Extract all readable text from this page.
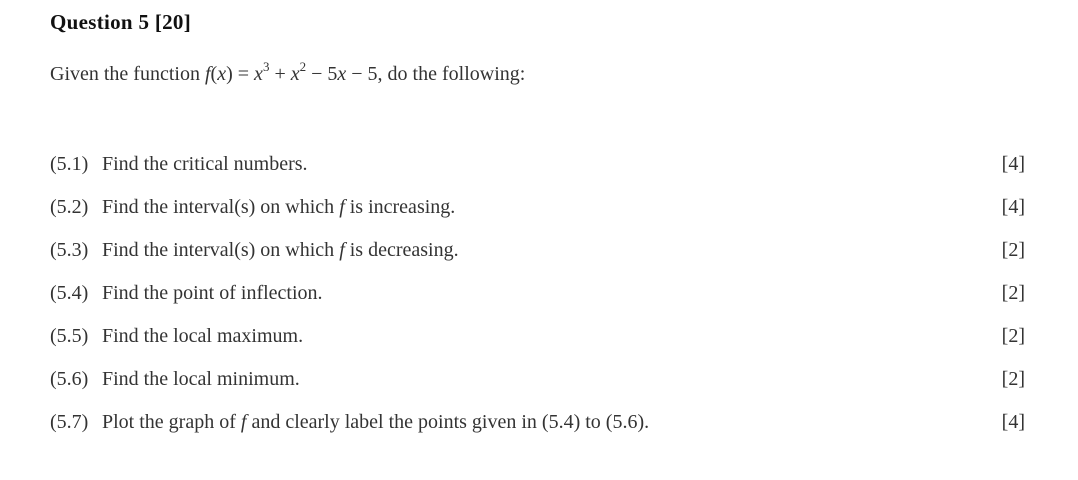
Question 5 [20]
Given the function $f(x) = x^3 + x^2 - 5x - 5$, do the following:
(5.1) Find the critical numbers.	[4]
(5.2) Find the interval(s) on which f is increasing.	[4]
(5.3) Find the interval(s) on which f is decreasing.	[2]
(5.4) Find the point of inflection.	[2]
(5.5) Find the local maximum.	[2]
(5.6) Find the local minimum.	[2]
(5.7) Plot the graph of f and clearly label the points given in (5.4) to (5.6).	[4]
